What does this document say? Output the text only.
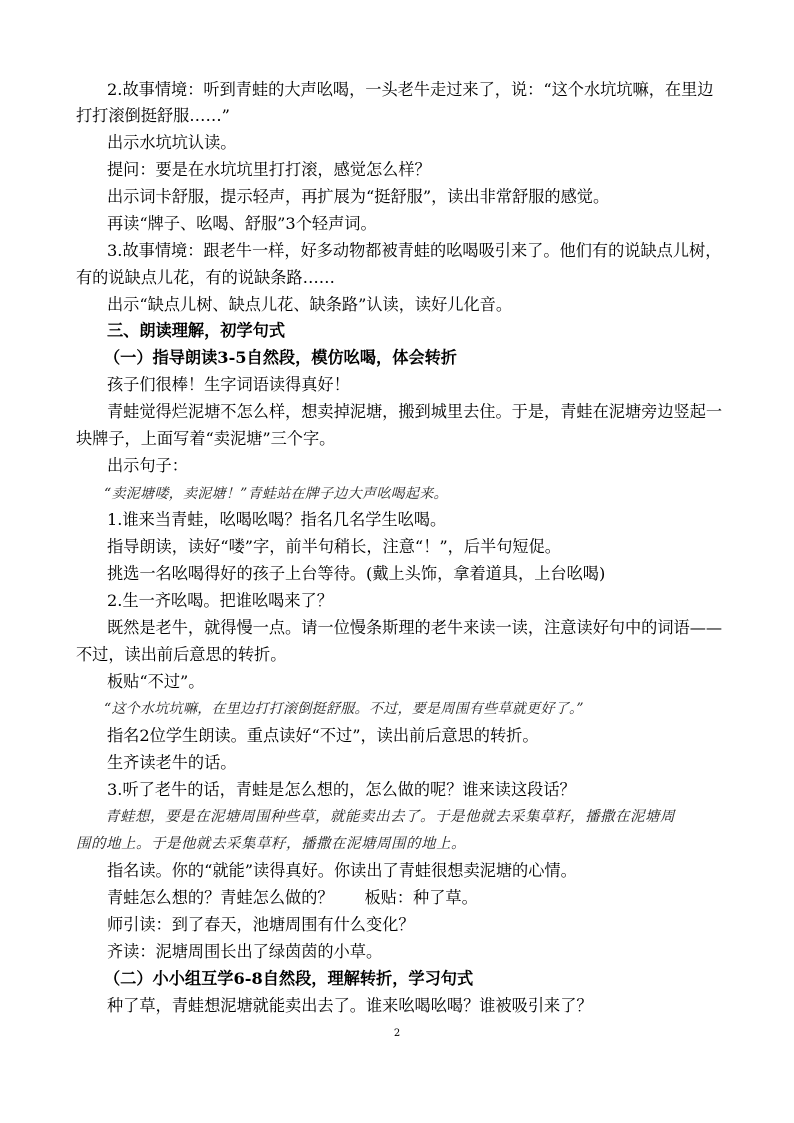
2.故事情境：听到青蛙的大声吆喝，一头老牛走过来了，说：“这个水坑坑嘛，在里边
打打滚倒挺舒服……”
出示水坑坑认读。
提问：要是在水坑坑里打打滚，感觉怎么样？
出示词卡舒服，提示轻声，再扩展为“挺舒服”，读出非常舒服的感觉。
再读“牌子、吆喝、舒服”3个轻声词。
3.故事情境：跟老牛一样，好多动物都被青蛙的吆喝吸引来了。他们有的说缺点儿树，
有的说缺点儿花，有的说缺条路……
出示“缺点儿树、缺点儿花、缺条路”认读，读好儿化音。
三、朗读理解，初学句式
（一）指导朗读3-5自然段，模仿吆喝，体会转折
孩子们很棒！生字词语读得真好！
青蛙觉得烂泥塘不怎么样，想卖掉泥塘，搬到城里去住。于是，青蛙在泥塘旁边竖起一
块牌子，上面写着“卖泥塘”三个字。
出示句子：
“卖泥塘喽，卖泥塘！”青蛙站在牌子边大声吆喝起来。
1.谁来当青蛙，吆喝吆喝？指名几名学生吆喝。
指导朗读，读好“喽”字，前半句稍长，注意“！”，后半句短促。
挑选一名吆喝得好的孩子上台等待。(戴上头饰，拿着道具，上台吆喝)
2.生一齐吆喝。把谁吆喝来了？
既然是老牛，就得慢一点。请一位慢条斯理的老牛来读一读，注意读好句中的词语——
不过，读出前后意思的转折。
板贴“不过”。
“这个水坑坑嘛，在里边打打滚倒挺舒服。不过，要是周围有些草就更好了。”
指名2位学生朗读。重点读好“不过”，读出前后意思的转折。
生齐读老牛的话。
3.听了老牛的话，青蛙是怎么想的，怎么做的呢？谁来读这段话？
青蛙想，要是在泥塘周围种些草，就能卖出去了。于是他就去采集草籽，播撒在泥塘周
围的地上。于是他就去采集草籽，播撒在泥塘周围的地上。
指名读。你的“就能”读得真好。你读出了青蛙很想卖泥塘的心情。
青蛙怎么想的？青蛙怎么做的？      板贴：种了草。
师引读：到了春天，池塘周围有什么变化？
齐读：泥塘周围长出了绿茵茵的小草。
（二）小小组互学6-8自然段，理解转折，学习句式
种了草，青蛙想泥塘就能卖出去了。谁来吆喝吆喝？谁被吸引来了？
2
